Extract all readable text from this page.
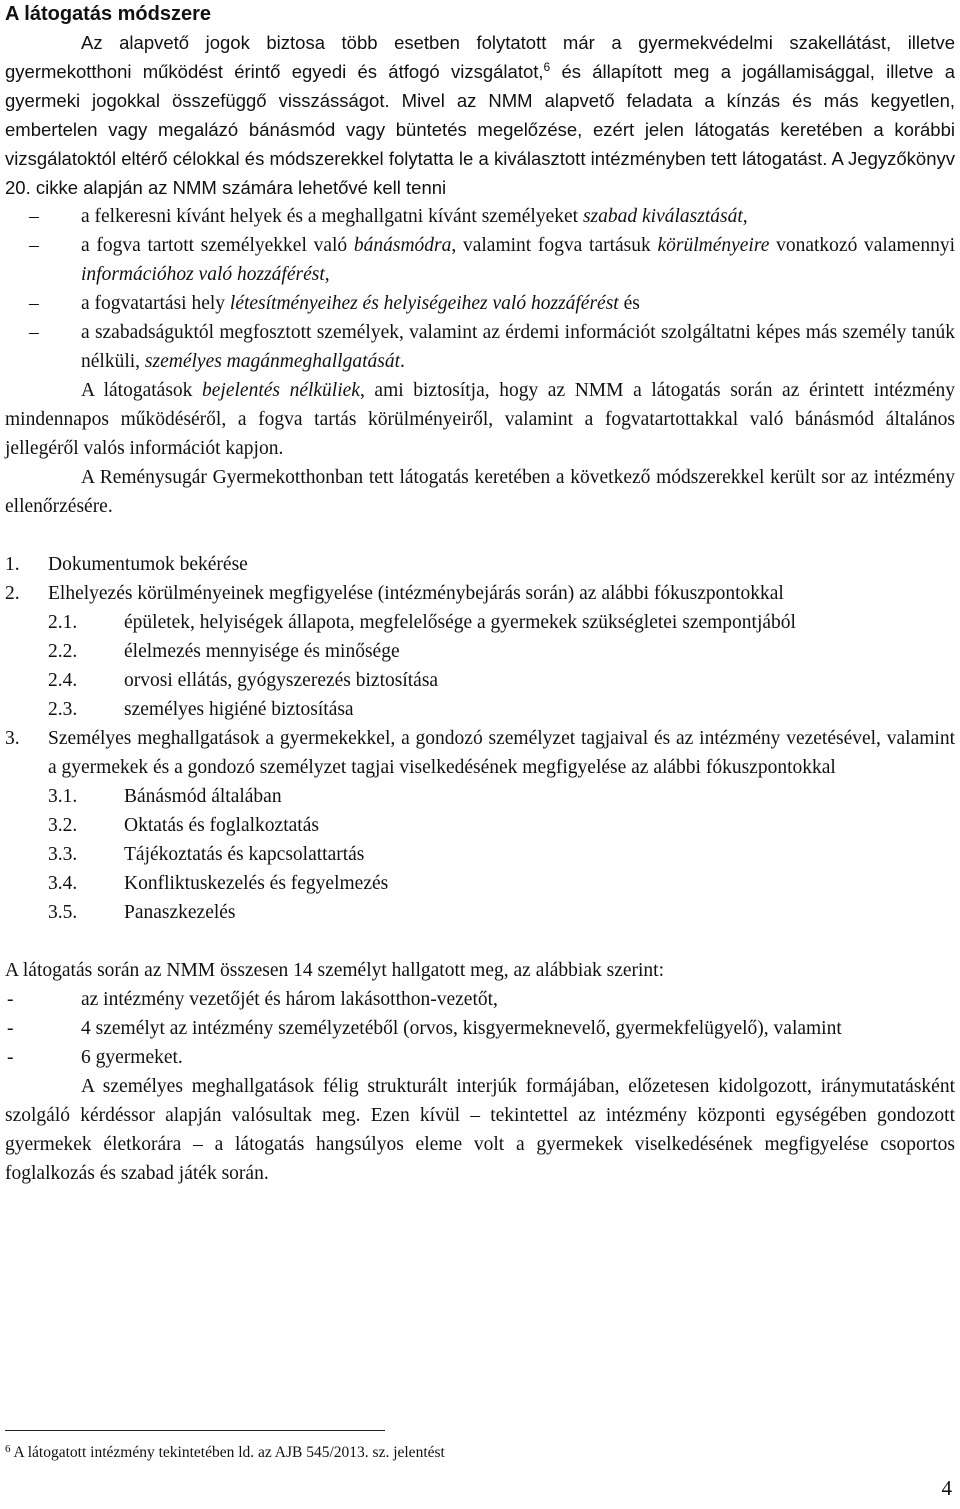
A látogatás módszere

Az alapvető jogok biztosa több esetben folytatott már a gyermekvédelmi szakellátást, illetve gyermekotthoni működést érintő egyedi és átfogó vizsgálatot,$^6$ és állapított meg a jogállamisággal, illetve a gyermeki jogokkal összefüggő visszásságot. Mivel az NMM alapvető feladata a kínzás és más kegyetlen, embertelen vagy megalázó bánásmód vagy büntetés megelőzése, ezért jelen látogatás keretében a korábbi vizsgálatoktól eltérő célokkal és módszerekkel folytatta le a kiválasztott intézményben tett látogatást. A Jegyzőkönyv 20. cikke alapján az NMM számára lehetővé kell tenni

– a felkeresni kívánt helyek és a meghallgatni kívánt személyeket szabad kiválasztását,
– a fogva tartott személyekkel való bánásmódra, valamint fogva tartásuk körülményeire vonatkozó valamennyi információhoz való hozzáférést,
– a fogvatartási hely létesítményeihez és helyiségeihez való hozzáférést és
– a szabadságuktól megfosztott személyek, valamint az érdemi információt szolgáltatni képes más személy tanúk nélküli, személyes magánmeghallgatását.

A látogatások bejelentés nélküliek, ami biztosítja, hogy az NMM a látogatás során az érintett intézmény mindennapos működéséről, a fogva tartás körülményeiről, valamint a fogvatartottakkal való bánásmód általános jellegéről valós információt kapjon.

A Reménysugár Gyermekotthonban tett látogatás keretében a következő módszerekkel került sor az intézmény ellenőrzésére.

1. Dokumentumok bekérése
2. Elhelyezés körülményeinek megfigyelése (intézménybejárás során) az alábbi fókuszpontokkal
2.1. épületek, helyiségek állapota, megfelelősége a gyermekek szükségletei szempontjából
2.2. élelmezés mennyisége és minősége
2.4. orvosi ellátás, gyógyszerezés biztosítása
2.3. személyes higiéné biztosítása
3. Személyes meghallgatások a gyermekekkel, a gondozó személyzet tagjaival és az intézmény vezetésével, valamint a gyermekek és a gondozó személyzet tagjai viselkedésének megfigyelése az alábbi fókuszpontokkal
3.1. Bánásmód általában
3.2. Oktatás és foglalkoztatás
3.3. Tájékoztatás és kapcsolattartás
3.4. Konfliktuskezelés és fegyelmezés
3.5. Panaszkezelés

A látogatás során az NMM összesen 14 személyt hallgatott meg, az alábbiak szerint:

-	az intézmény vezetőjét és három lakásotthon-vezetőt,
-	4 személyt az intézmény személyzetéből (orvos, kisgyermeknevelő, gyermekfelügyelő), valamint
-	6 gyermeket.

A személyes meghallgatások félig strukturált interjúk formájában, előzetesen kidolgozott, iránymutatásként szolgáló kérdéssor alapján valósultak meg. Ezen kívül – tekintettel az intézmény központi egységében gondozott gyermekek életkorára – a látogatás hangsúlyos eleme volt a gyermekek viselkedésének megfigyelése csoportos foglalkozás és szabad játék során.

$^6$ A látogatott intézmény tekintetében ld. az AJB 545/2013. sz. jelentést
4
